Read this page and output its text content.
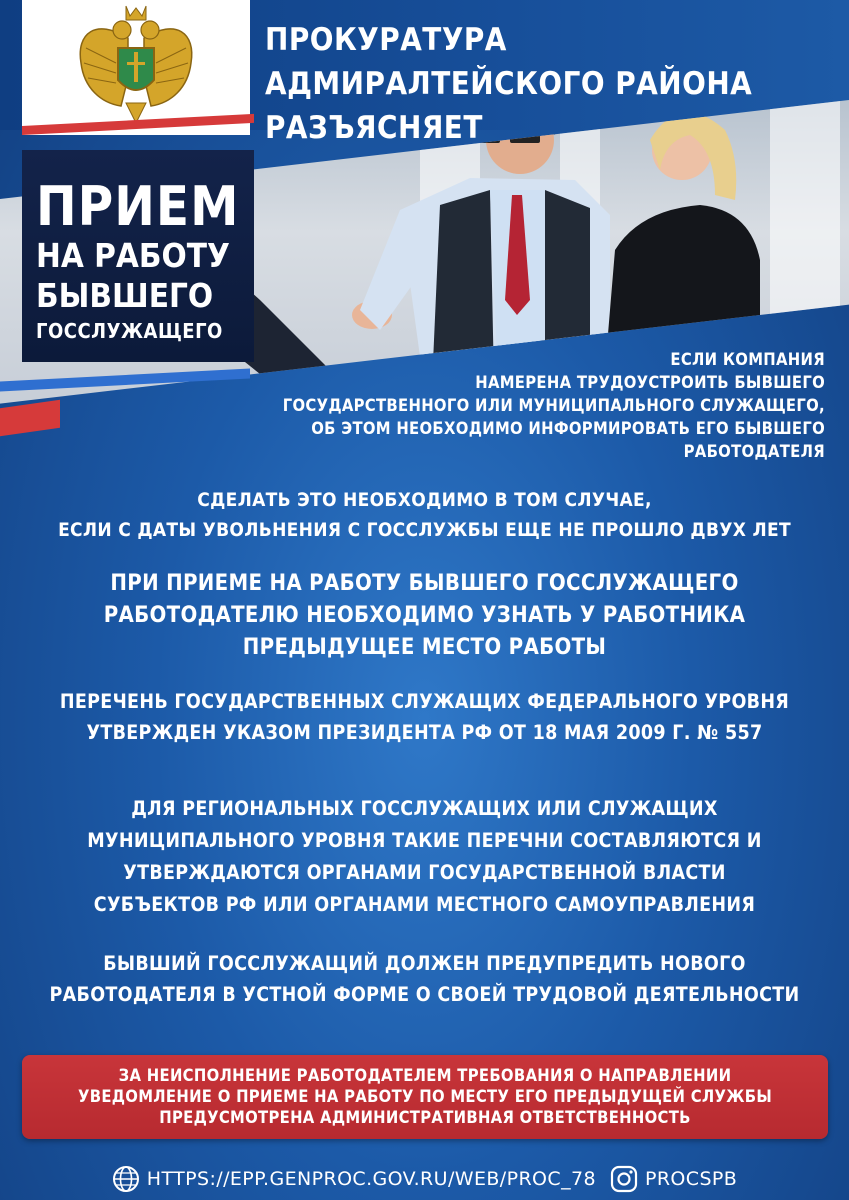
ПРОКУРАТУРА АДМИРАЛТЕЙСКОГО РАЙОНА
РАЗЪЯСНЯЕТ
ПРИЕМ
НА РАБОТУ
БЫВШЕГО
ГОССЛУЖАЩЕГО
ЕСЛИ КОМПАНИЯ
НАМЕРЕНА ТРУДОУСТРОИТЬ БЫВШЕГО
ГОСУДАРСТВЕННОГО ИЛИ МУНИЦИПАЛЬНОГО СЛУЖАЩЕГО,
ОБ ЭТОМ НЕОБХОДИМО ИНФОРМИРОВАТЬ ЕГО БЫВШЕГО РАБОТОДАТЕЛЯ
СДЕЛАТЬ ЭТО НЕОБХОДИМО В ТОМ СЛУЧАЕ,
ЕСЛИ С ДАТЫ УВОЛЬНЕНИЯ С ГОССЛУЖБЫ ЕЩЕ НЕ ПРОШЛО ДВУХ ЛЕТ
ПРИ ПРИЕМЕ НА РАБОТУ БЫВШЕГО ГОССЛУЖАЩЕГО
РАБОТОДАТЕЛЮ НЕОБХОДИМО УЗНАТЬ У РАБОТНИКА
ПРЕДЫДУЩЕЕ МЕСТО РАБОТЫ
ПЕРЕЧЕНЬ ГОСУДАРСТВЕННЫХ СЛУЖАЩИХ ФЕДЕРАЛЬНОГО УРОВНЯ
УТВЕРЖДЕН УКАЗОМ ПРЕЗИДЕНТА РФ ОТ 18 МАЯ 2009 Г. № 557
ДЛЯ РЕГИОНАЛЬНЫХ ГОССЛУЖАЩИХ ИЛИ СЛУЖАЩИХ
МУНИЦИПАЛЬНОГО УРОВНЯ ТАКИЕ ПЕРЕЧНИ СОСТАВЛЯЮТСЯ И
УТВЕРЖДАЮТСЯ ОРГАНАМИ ГОСУДАРСТВЕННОЙ ВЛАСТИ
СУБЪЕКТОВ РФ ИЛИ ОРГАНАМИ МЕСТНОГО САМОУПРАВЛЕНИЯ
БЫВШИЙ ГОССЛУЖАЩИЙ ДОЛЖЕН ПРЕДУПРЕДИТЬ НОВОГО
РАБОТОДАТЕЛЯ В УСТНОЙ ФОРМЕ О СВОЕЙ ТРУДОВОЙ ДЕЯТЕЛЬНОСТИ
ЗА НЕИСПОЛНЕНИЕ РАБОТОДАТЕЛЕМ ТРЕБОВАНИЯ О НАПРАВЛЕНИИ
УВЕДОМЛЕНИЕ О ПРИЕМЕ НА РАБОТУ ПО МЕСТУ ЕГО ПРЕДЫДУЩЕЙ СЛУЖБЫ
ПРЕДУСМОТРЕНА АДМИНИСТРАТИВНАЯ ОТВЕТСТВЕННОСТЬ
HTTPS://EPP.GENPROC.GOV.RU/WEB/PROC_78	PROCSPB
